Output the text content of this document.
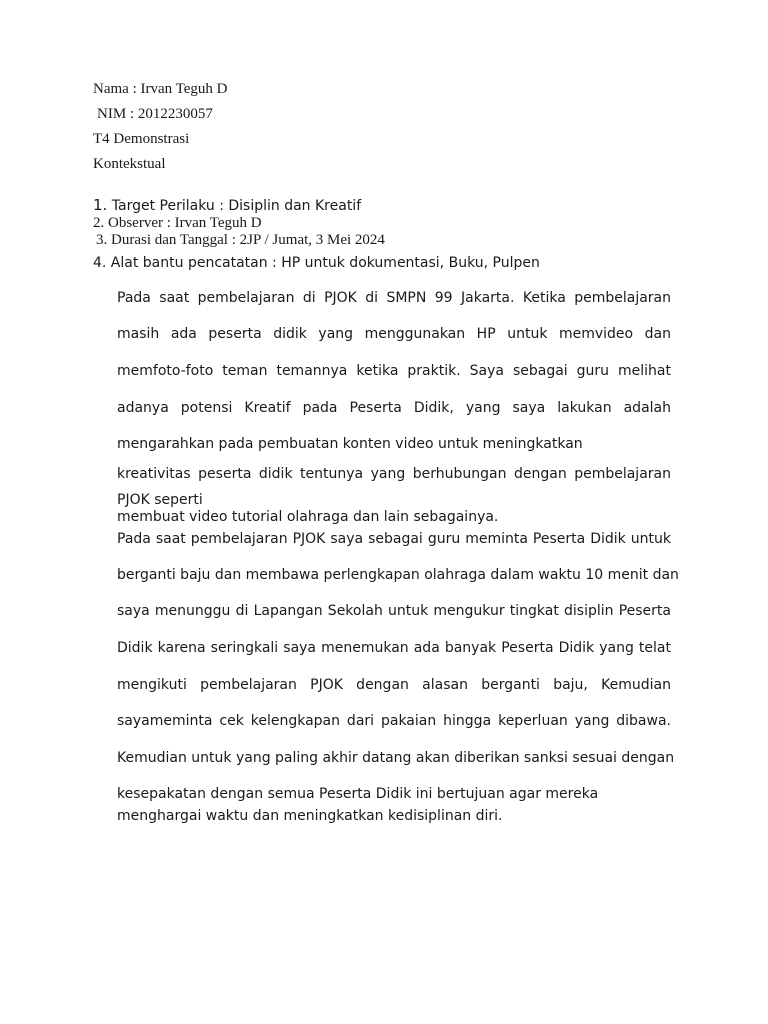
Nama : Irvan Teguh D
NIM : 2012230057
T4 Demonstrasi
Kontekstual
1. Target Perilaku : Disiplin dan Kreatif
2. Observer : Irvan Teguh D
3. Durasi dan Tanggal : 2JP / Jumat, 3 Mei 2024
4. Alat bantu pencatatan : HP untuk dokumentasi, Buku, Pulpen
Pada saat pembelajaran di PJOK di SMPN 99 Jakarta. Ketika pembelajaran
masih ada peserta didik yang menggunakan HP untuk memvideo dan
memfoto-foto teman temannya ketika praktik. Saya sebagai guru melihat
adanya potensi Kreatif pada Peserta Didik, yang saya lakukan adalah
mengarahkan pada pembuatan konten video untuk meningkatkan
kreativitas peserta didik tentunya yang berhubungan dengan pembelajaran
PJOK seperti
membuat video tutorial olahraga dan lain sebagainya.
Pada saat pembelajaran PJOK saya sebagai guru meminta Peserta Didik untuk
berganti baju dan membawa perlengkapan olahraga dalam waktu 10 menit dan
saya menunggu di Lapangan Sekolah untuk mengukur tingkat disiplin Peserta
Didik karena seringkali saya menemukan ada banyak Peserta Didik yang telat
mengikuti pembelajaran PJOK dengan alasan berganti baju, Kemudian
sayameminta cek kelengkapan dari pakaian hingga keperluan yang dibawa.
Kemudian untuk yang paling akhir datang akan diberikan sanksi sesuai dengan
kesepakatan dengan semua Peserta Didik ini bertujuan agar mereka
menghargai waktu dan meningkatkan kedisiplinan diri.
